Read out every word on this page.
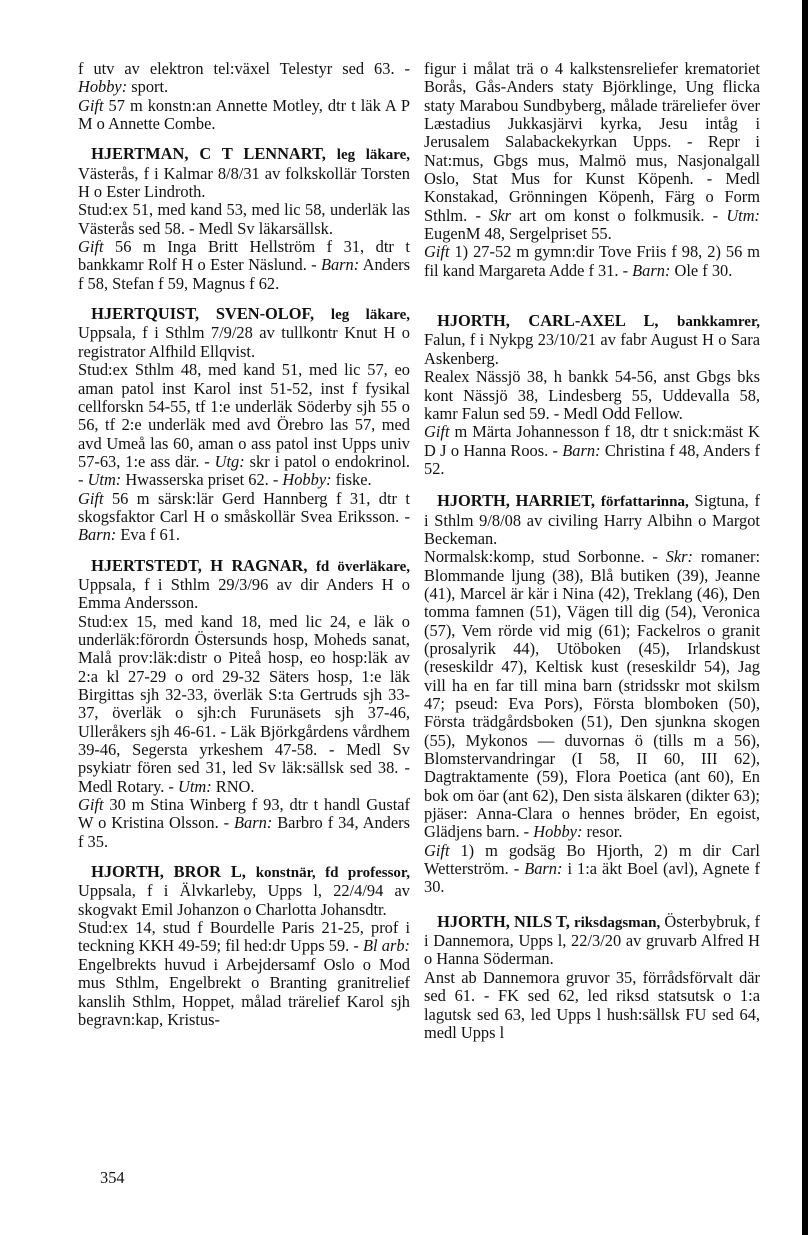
f utv av elektron tel:växel Telestyr sed 63. - Hobby: sport.

Gift 57 m konstn:an Annette Motley, dtr t läk A P M o Annette Combe.

HJERTMAN, C T LENNART, leg läkare, Västerås, f i Kalmar 8/8/31 av folkskollär Torsten H o Ester Lindroth.

Stud:ex 51, med kand 53, med lic 58, underläk las Västerås sed 58. - Medl Sv läkarsällsk.

Gift 56 m Inga Britt Hellström f 31, dtr t bankkamr Rolf H o Ester Näslund. - Barn: Anders f 58, Stefan f 59, Magnus f 62.

HJERTQUIST, SVEN-OLOF, leg läkare, Uppsala, f i Sthlm 7/9/28 av tullkontr Knut H o registrator Alfhild Ellqvist.

Stud:ex Sthlm 48, med kand 51, med lic 57, eo aman patol inst Karol inst 51-52, inst f fysikal cellforskn 54-55, tf 1:e underläk Söderby sjh 55 o 56, tf 2:e underläk med avd Örebro las 57, med avd Umeå las 60, aman o ass patol inst Upps univ 57-63, 1:e ass där. - Utg: skr i patol o endokrinol. - Utm: Hwasserska priset 62. - Hobby: fiske.

Gift 56 m särsk:lär Gerd Hannberg f 31, dtr t skogsfaktor Carl H o småskollär Svea Eriksson. - Barn: Eva f 61.

HJERTSTEDT, H RAGNAR, fd överläkare, Uppsala, f i Sthlm 29/3/96 av dir Anders H o Emma Andersson.

Stud:ex 15, med kand 18, med lic 24, e läk o underläk:förordn Östersunds hosp, Moheds sanat, Malå prov:läk:distr o Piteå hosp, eo hosp:läk av 2:a kl 27-29 o ord 29-32 Säters hosp, 1:e läk Birgittas sjh 32-33, överläk S:ta Gertruds sjh 33-37, överläk o sjh:ch Furunäsets sjh 37-46, Ulleråkers sjh 46-61. - Läk Björkgårdens vårdhem 39-46, Segersta yrkeshem 47-58. - Medl Sv psykiatr fören sed 31, led Sv läk:sällsk sed 38. - Medl Rotary. - Utm: RNO.

Gift 30 m Stina Winberg f 93, dtr t handl Gustaf W o Kristina Olsson. - Barn: Barbro f 34, Anders f 35.

HJORTH, BROR L, konstnär, fd professor, Uppsala, f i Älvkarleby, Upps l, 22/4/94 av skogvakt Emil Johanzon o Charlotta Johansdtr.

Stud:ex 14, stud f Bourdelle Paris 21-25, prof i teckning KKH 49-59; fil hed:dr Upps 59. - Bl arb: Engelbrekts huvud i Arbejdersamf Oslo o Mod mus Sthlm, Engelbrekt o Branting granitrelief kanslih Sthlm, Hoppet, målad trärelief Karol sjh begravn:kap, Kristus-

figur i målat trä o 4 kalkstensreliefer krematoriet Borås, Gås-Anders staty Björklinge, Ung flicka staty Marabou Sundbyberg, målade träreliefer över Læstadius Jukkasjärvi kyrka, Jesu intåg i Jerusalem Salabackekyrkan Upps. - Repr i Nat:mus, Gbgs mus, Malmö mus, Nasjonalgall Oslo, Stat Mus for Kunst Köpenh. - Medl Konstakad, Grönningen Köpenh, Färg o Form Sthlm. - Skr art om konst o folkmusik. - Utm: EugenM 48, Sergelpriset 55.

Gift 1) 27-52 m gymn:dir Tove Friis f 98, 2) 56 m fil kand Margareta Adde f 31. - Barn: Ole f 30.

HJORTH, CARL-AXEL L, bankkamrer, Falun, f i Nykpg 23/10/21 av fabr August H o Sara Askenberg.

Realex Nässjö 38, h bankk 54-56, anst Gbgs bks kont Nässjö 38, Lindesberg 55, Uddevalla 58, kamr Falun sed 59. - Medl Odd Fellow.

Gift m Märta Johannesson f 18, dtr t snick:mäst K D J o Hanna Roos. - Barn: Christina f 48, Anders f 52.

HJORTH, HARRIET, författarinna, Sigtuna, f i Sthlm 9/8/08 av civiling Harry Albihn o Margot Beckeman.

Normalsk:komp, stud Sorbonne. - Skr: romaner: Blommande ljung (38), Blå butiken (39), Jeanne (41), Marcel är kär i Nina (42), Treklang (46), Den tomma famnen (51), Vägen till dig (54), Veronica (57), Vem rörde vid mig (61); Fackelros o granit (prosalyrik 44), Utöboken (45), Irlandskust (reseskildr 47), Keltisk kust (reseskildr 54), Jag vill ha en far till mina barn (stridsskr mot skilsm 47; pseud: Eva Pors), Första blomboken (50), Första trädgårdsboken (51), Den sjunkna skogen (55), Mykonos — duvornas ö (tills m a 56), Blomstervandringar (I 58, II 60, III 62), Dagtraktamente (59), Flora Poetica (ant 60), En bok om öar (ant 62), Den sista älskaren (dikter 63); pjäser: Anna-Clara o hennes bröder, En egoist, Glädjens barn. - Hobby: resor.

Gift 1) m godsäg Bo Hjorth, 2) m dir Carl Wetterström. - Barn: i 1:a äkt Boel (avl), Agnete f 30.

HJORTH, NILS T, riksdagsman, Österbybruk, f i Dannemora, Upps l, 22/3/20 av gruvarb Alfred H o Hanna Söderman.

Anst ab Dannemora gruvor 35, förrådsförvalt där sed 61. - FK sed 62, led riksd statsutsk o 1:a lagutsk sed 63, led Upps l hush:sällsk FU sed 64, medl Upps l

354
